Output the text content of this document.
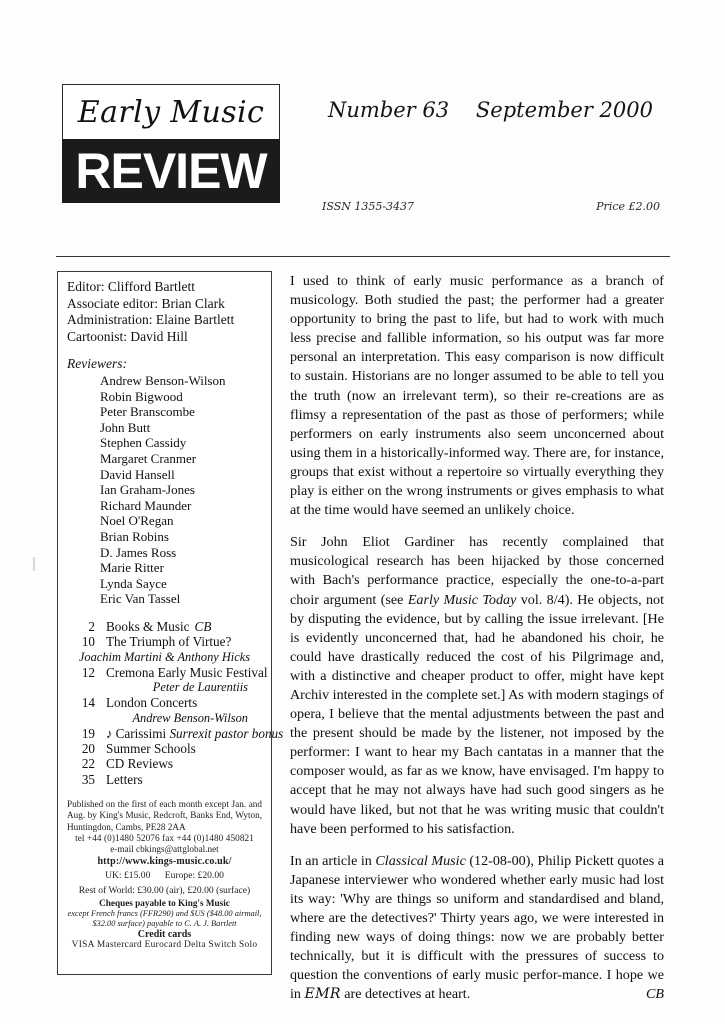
Early Music
REVIEW
Number 63 September 2000
ISSN 1355-3437	Price £2.00
Editor: Clifford Bartlett
Associate editor: Brian Clark
Administration: Elaine Bartlett
Cartoonist: David Hill
Reviewers:
Andrew Benson-Wilson
Robin Bigwood
Peter Branscombe
John Butt
Stephen Cassidy
Margaret Cranmer
David Hansell
Ian Graham-Jones
Richard Maunder
Noel O'Regan
Brian Robins
D. James Ross
Marie Ritter
Lynda Sayce
Eric Van Tassel
2 Books & Music CB
10 The Triumph of Virtue?
Joachim Martini & Anthony Hicks
12 Cremona Early Music Festival
Peter de Laurentiis
14 London Concerts
Andrew Benson-Wilson
19 ♪ Carissimi Surrexit pastor bonus
20 Summer Schools
22 CD Reviews
35 Letters

Published on the first of each month except Jan. and Aug. by King's Music, Redcroft, Banks End, Wyton, Huntingdon, Cambs, PE28 2AA

tel +44 (0)1480 52076 fax +44 (0)1480 450821

e-mail cbkings@attglobal.net

http://www.kings-music.co.uk/

UK: £15.00 Europe: £20.00

Rest of World: £30.00 (air), £20.00 (surface)

Cheques payable to King's Music

except French francs (FFR290) and $US ($48.00 airmail, $32.00 surface) payable to C. A. J. Bartlett

Credit cards

VISA Mastercard Eurocard Delta Switch Solo

I used to think of early music performance as a branch of musicology. Both studied the past; the performer had a greater opportunity to bring the past to life, but had to work with much less precise and fallible information, so his output was far more personal an interpretation. This easy comparison is now difficult to sustain. Historians are no longer assumed to be able to tell you the truth (now an irrelevant term), so their re-creations are as flimsy a representation of the past as those of performers; while performers on early instruments also seem unconcerned about using them in a historically-informed way. There are, for instance, groups that exist without a repertoire so virtually everything they play is either on the wrong instruments or gives emphasis to what at the time would have seemed an unlikely choice.

Sir John Eliot Gardiner has recently complained that musicological research has been hijacked by those concerned with Bach's performance practice, especially the one-to-a-part choir argument (see Early Music Today vol. 8/4). He objects, not by disputing the evidence, but by calling the issue irrelevant. [He is evidently unconcerned that, had he abandoned his choir, he could have drastically reduced the cost of his Pilgrimage and, with a distinctive and cheaper product to offer, might have kept Archiv interested in the complete set.] As with modern stagings of opera, I believe that the mental adjustments between the past and the present should be made by the listener, not imposed by the performer: I want to hear my Bach cantatas in a manner that the composer would, as far as we know, have envisaged. I'm happy to accept that he may not always have had such good singers as he would have liked, but not that he was writing music that couldn't have been performed to his satisfaction.

In an article in Classical Music (12-08-00), Philip Pickett quotes a Japanese interviewer who wondered whether early music had lost its way: 'Why are things so uniform and standardised and bland, where are the detectives?' Thirty years ago, we were interested in finding new ways of doing things: now we are probably better technically, but it is difficult with the pressures of success to question the conventions of early music perfor-mance. I hope we in EMR are detectives at heart.	CB
